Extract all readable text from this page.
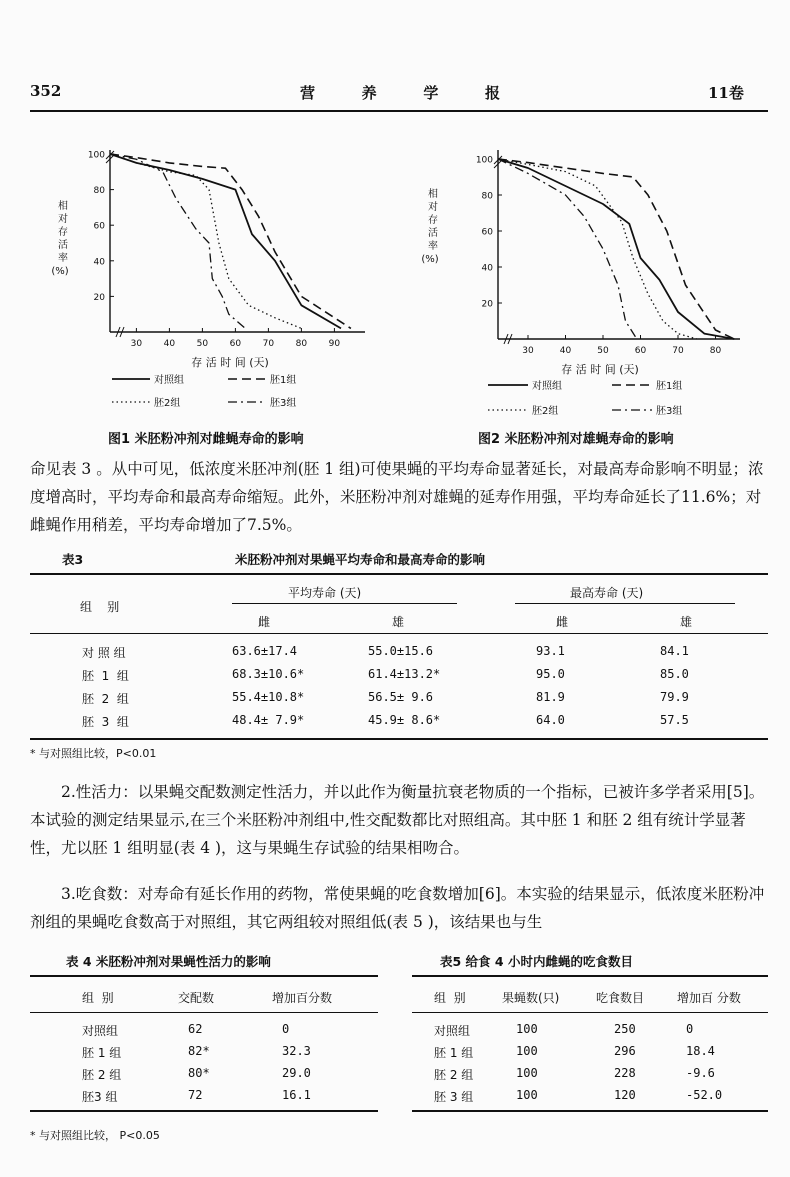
352	营	养	学	报	11卷
相
对
存
活
率
(%)
20
40
60
80
100
30 40 50 60 70 80 90
存 活 时 间 (天)
对照组	胚1组
胚2组	胚3组
图1 米胚粉冲剂对雌蝇寿命的影响
相
对
存
活
率
(%)
20
40
60
80
100
30	40	50	60	70	80
存 活 时 间 (天)
对照组	胚1组
胚2组	胚3组
图2 米胚粉冲剂对雄蝇寿命的影响

命见表 3 。从中可见，低浓度米胚冲剂(胚 1 组)可使果蝇的平均寿命显著延长，对最高寿命影响不明显；浓度增高时，平均寿命和最高寿命缩短。此外，米胚粉冲剂对雄蝇的延寿作用强，平均寿命延长了11.6%；对雌蝇作用稍差，平均寿命增加了7.5%。

表3	米胚粉冲剂对果蝇平均寿命和最高寿命的影响
组    别
平均寿命 (天)	最高寿命 (天)
雌	雄	雌	雄
对 照 组	63.6±17.4	55.0±15.6	93.1	84.1
胚  1  组	68.3±10.6*	61.4±13.2*	95.0	85.0
胚  2  组	55.4±10.8*	56.5± 9.6	81.9	79.9
胚  3  组	48.4± 7.9*	45.9± 8.6*	64.0	57.5
* 与对照组比较，P<0.01

2.性活力：以果蝇交配数测定性活力，并以此作为衡量抗衰老物质的一个指标，已被许多学者采用[5]。本试验的测定结果显示,在三个米胚粉冲剂组中,性交配数都比对照组高。其中胚 1 和胚 2 组有统计学显著性，尤以胚 1 组明显(表 4 )，这与果蝇生存试验的结果相吻合。

3.吃食数：对寿命有延长作用的药物，常使果蝇的吃食数增加[6]。本实验的结果显示，低浓度米胚粉冲剂组的果蝇吃食数高于对照组，其它两组较对照组低(表 5 )，该结果也与生

表 4 米胚粉冲剂对果蝇性活力的影响
组  别	交配数	增加百分数
对照组	62	0
胚 1 组	82*	32.3
胚 2 组	80*	29.0
胚3 组	72	16.1
* 与对照组比较， P<0.05
表5 给食 4 小时内雌蝇的吃食数目
组  别	果蝇数(只)	吃食数目	增加百 分数
对照组	100	250	0
胚 1 组	100	296	18.4
胚 2 组	100	228	-9.6
胚 3 组	100	120	-52.0
